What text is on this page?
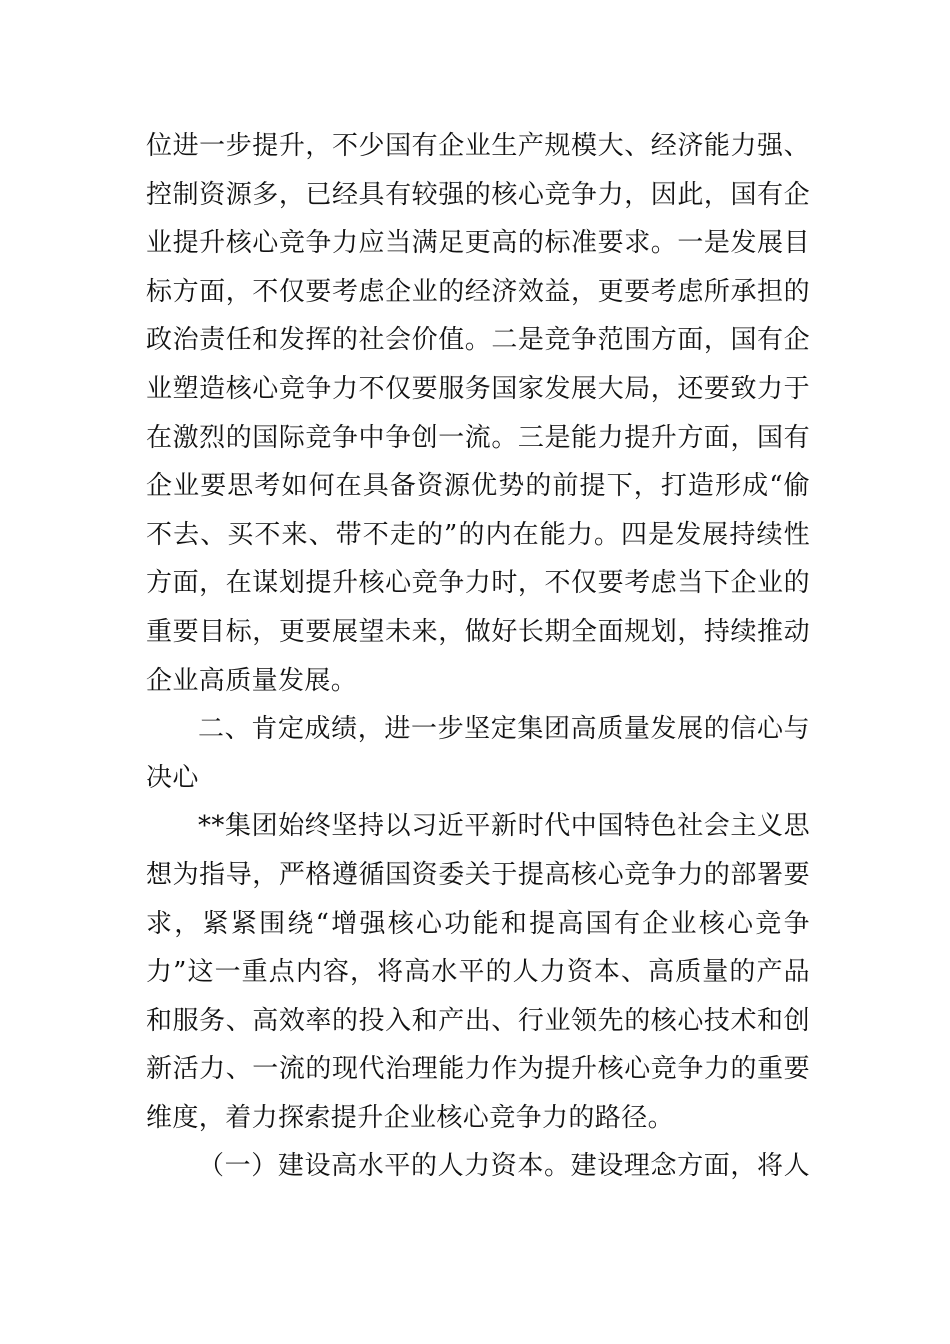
位进一步提升，不少国有企业生产规模大、经济能力强、
控制资源多，已经具有较强的核心竞争力，因此，国有企
业提升核心竞争力应当满足更高的标准要求。一是发展目
标方面，不仅要考虑企业的经济效益，更要考虑所承担的
政治责任和发挥的社会价值。二是竞争范围方面，国有企
业塑造核心竞争力不仅要服务国家发展大局，还要致力于
在激烈的国际竞争中争创一流。三是能力提升方面，国有
企业要思考如何在具备资源优势的前提下，打造形成“偷
不去、买不来、带不走的”的内在能力。四是发展持续性
方面，在谋划提升核心竞争力时，不仅要考虑当下企业的
重要目标，更要展望未来，做好长期全面规划，持续推动
企业高质量发展。
二、肯定成绩，进一步坚定集团高质量发展的信心与
决心
**集团始终坚持以习近平新时代中国特色社会主义思
想为指导，严格遵循国资委关于提高核心竞争力的部署要
求，紧紧围绕“增强核心功能和提高国有企业核心竞争
力”这一重点内容，将高水平的人力资本、高质量的产品
和服务、高效率的投入和产出、行业领先的核心技术和创
新活力、一流的现代治理能力作为提升核心竞争力的重要
维度，着力探索提升企业核心竞争力的路径。
（一）建设高水平的人力资本。建设理念方面，将人
